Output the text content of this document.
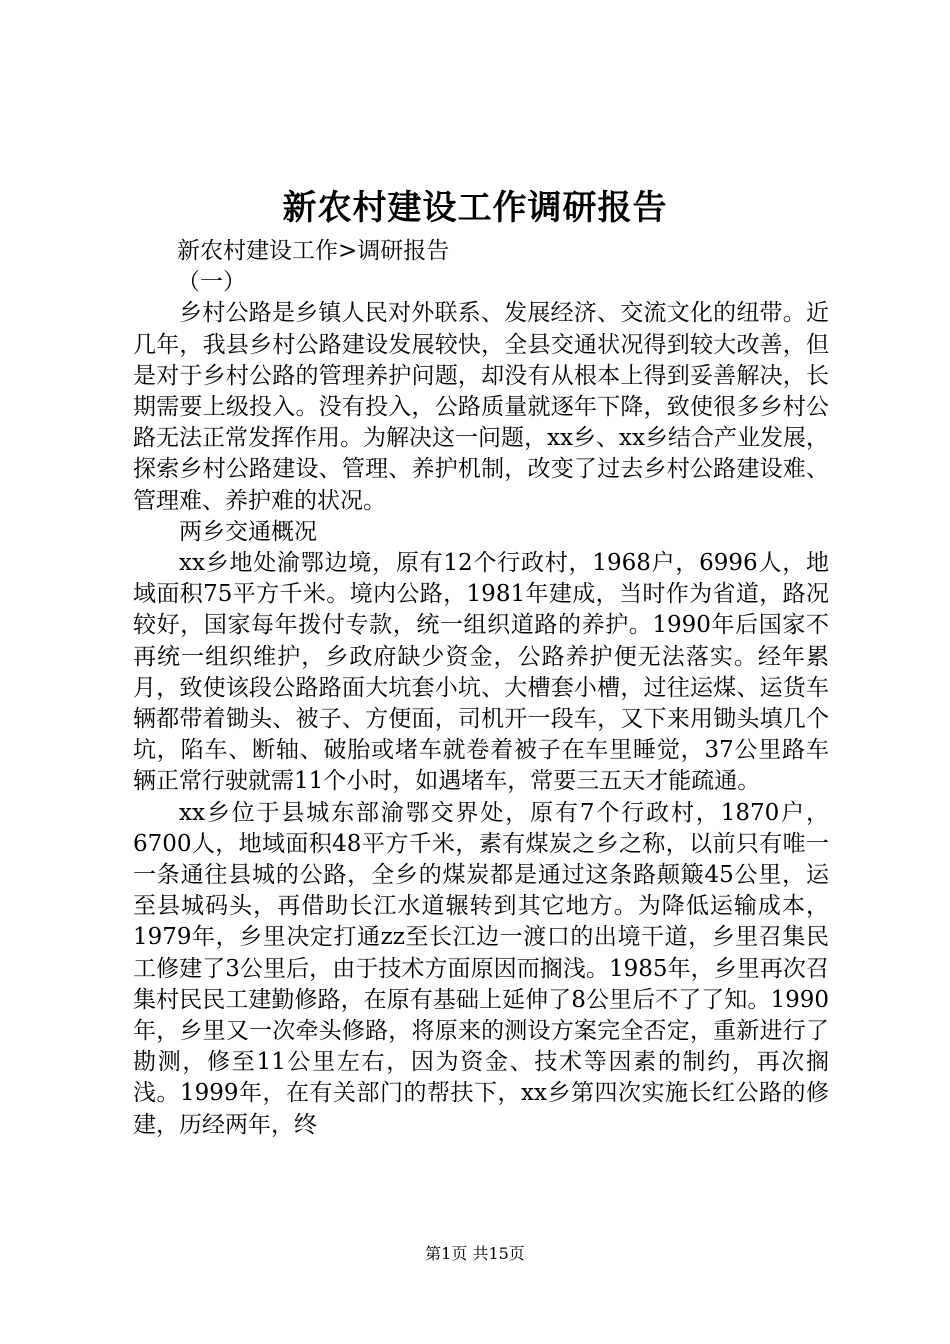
新农村建设工作调研报告

新农村建设工作>调研报告

（一）

乡村公路是乡镇人民对外联系、发展经济、交流文化的纽带。近几年，我县乡村公路建设发展较快，全县交通状况得到较大改善，但是对于乡村公路的管理养护问题，却没有从根本上得到妥善解决，长期需要上级投入。没有投入，公路质量就逐年下降，致使很多乡村公路无法正常发挥作用。为解决这一问题，xx乡、xx乡结合产业发展，探索乡村公路建设、管理、养护机制，改变了过去乡村公路建设难、管理难、养护难的状况。

两乡交通概况

xx乡地处渝鄂边境，原有12个行政村，1968户，6996人，地域面积75平方千米。境内公路，1981年建成，当时作为省道，路况较好，国家每年拨付专款，统一组织道路的养护。1990年后国家不再统一组织维护，乡政府缺少资金，公路养护便无法落实。经年累月，致使该段公路路面大坑套小坑、大槽套小槽，过往运煤、运货车辆都带着锄头、被子、方便面，司机开一段车，又下来用锄头填几个坑，陷车、断轴、破胎或堵车就卷着被子在车里睡觉，37公里路车辆正常行驶就需11个小时，如遇堵车，常要三五天才能疏通。

xx乡位于县城东部渝鄂交界处，原有7个行政村，1870户，6700人，地域面积48平方千米，素有煤炭之乡之称，以前只有唯一一条通往县城的公路，全乡的煤炭都是通过这条路颠簸45公里，运至县城码头，再借助长江水道辗转到其它地方。为降低运输成本，1979年，乡里决定打通zz至长江边一渡口的出境干道，乡里召集民工修建了3公里后，由于技术方面原因而搁浅。1985年，乡里再次召集村民民工建勤修路，在原有基础上延伸了8公里后不了了知。1990年，乡里又一次牵头修路，将原来的测设方案完全否定，重新进行了勘测，修至11公里左右，因为资金、技术等因素的制约，再次搁浅。1999年，在有关部门的帮扶下，xx乡第四次实施长红公路的修建，历经两年，终

第1页 共15页
